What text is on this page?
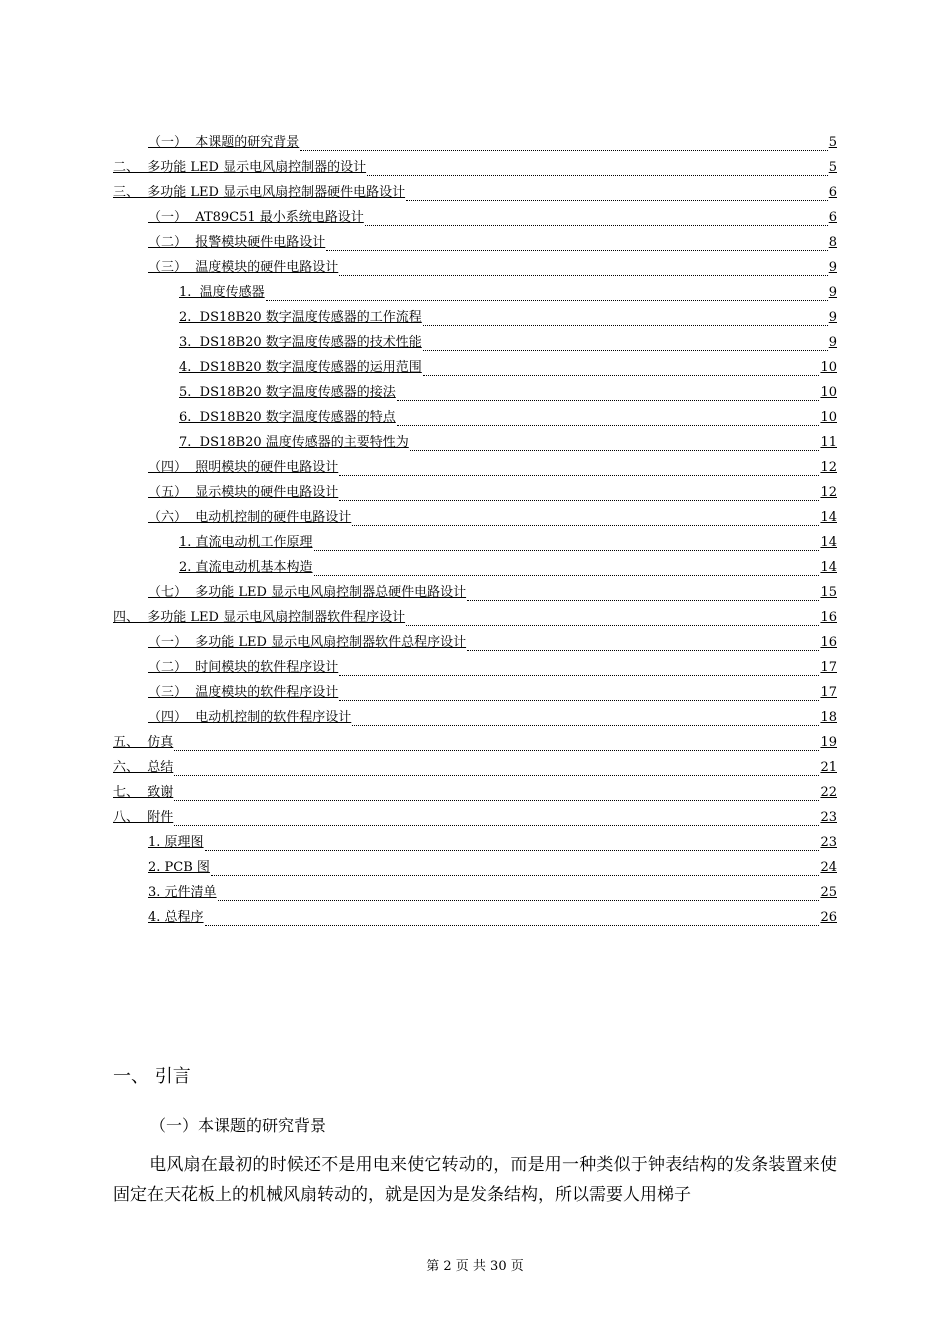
（一）  本课题的研究背景	5
二、  多功能 LED 显示电风扇控制器的设计	5
三、  多功能 LED 显示电风扇控制器硬件电路设计	6
（一）  AT89C51 最小系统电路设计	6
（二）  报警模块硬件电路设计	8
（三）  温度模块的硬件电路设计	9
1.  温度传感器	9
2.  DS18B20 数字温度传感器的工作流程	9
3.  DS18B20 数字温度传感器的技术性能	9
4.  DS18B20 数字温度传感器的运用范围	10
5.  DS18B20 数字温度传感器的接法	10
6.  DS18B20 数字温度传感器的特点	10
7.  DS18B20 温度传感器的主要特性为	11
（四）  照明模块的硬件电路设计	12
（五）  显示模块的硬件电路设计	12
（六）  电动机控制的硬件电路设计	14
1. 直流电动机工作原理	14
2. 直流电动机基本构造	14
（七）  多功能 LED 显示电风扇控制器总硬件电路设计	15
四、  多功能 LED 显示电风扇控制器软件程序设计	16
（一）  多功能 LED 显示电风扇控制器软件总程序设计	16
（二）  时间模块的软件程序设计	17
（三）  温度模块的软件程序设计	17
（四）  电动机控制的软件程序设计	18
五、  仿真	19
六、  总结	21
七、  致谢	22
八、  附件	23
1. 原理图	23
2. PCB 图	24
3. 元件清单	25
4. 总程序	26
一、 引言
（一）本课题的研究背景
电风扇在最初的时候还不是用电来使它转动的，而是用一种类似于钟表结构的发条装置来使固定在天花板上的机械风扇转动的，就是因为是发条结构，所以需要人用梯子
第 2 页 共 30 页
